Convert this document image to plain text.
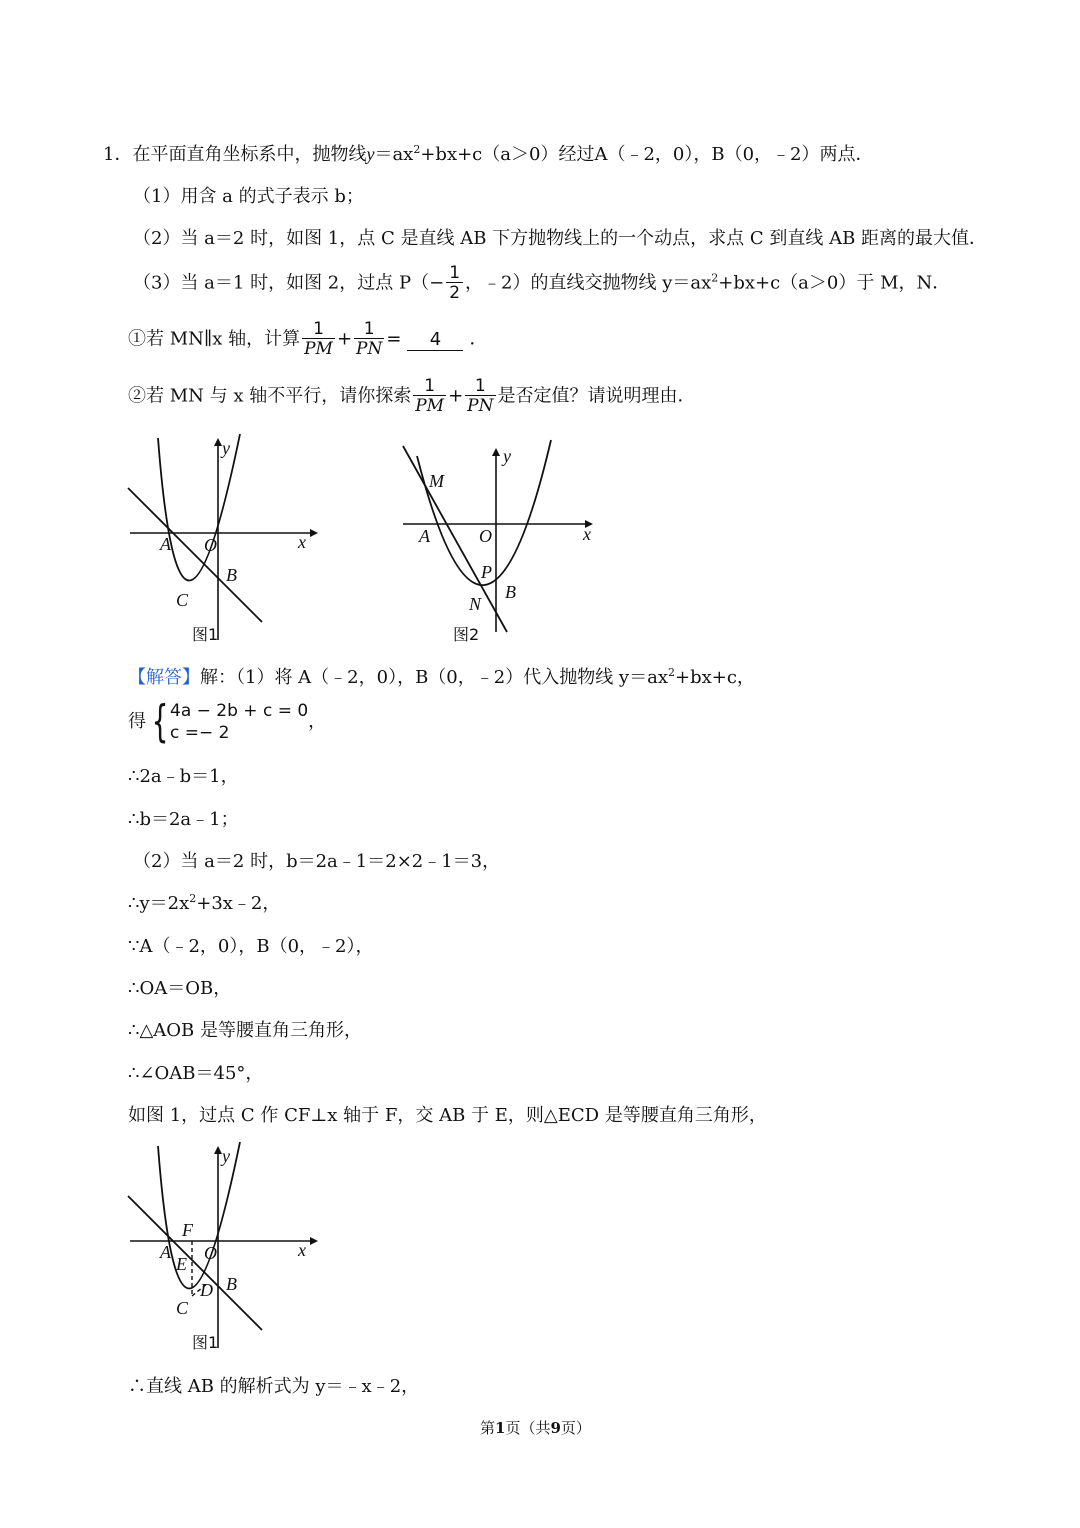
1．在平面直角坐标系中，抛物线$y=ax^2+bx+c(a>0)$经过A（﹣2，0），B（0，﹣2）两点．
（1）用含 a 的式子表示 b；
（2）当 a＝2 时，如图 1，点 C 是直线 AB 下方抛物线上的一个动点，求点 C 到直线 AB 距离的最大值．
（3）当 a＝1 时，如图 2，过点 $P(- \frac{1}{2}$ ，﹣2）的直线交抛物线 $y=ax^2+bx+c(a>0)$于 M，N．
①若 MN∥x 轴，计算 $\frac{1}{PM} + \frac{1}{PN} = 4$ ．
②若 MN 与 x 轴不平行，请你探索 $\frac{1}{PM} + \frac{1}{PN}$ 是否定值？请说明理由．
y
x
A O
B
C
图1
y
x
M
A	O
P
B
N
图2
【解答】解：（1）将 A（﹣2，0），B（0，﹣2）代入抛物线 $y=ax^2+bx+c$，
得 { 4a − 2b + c = 0
c =− 2
，
∴2a﹣b＝1，
∴b＝2a﹣1；
（2）当 a＝2 时，b＝2a﹣1＝2×2﹣1＝3，
$\therefore y=2x^2+3x﹣2$，
∵A（﹣2，0），B（0，﹣2），
∴OA＝OB，
∴△AOB 是等腰直角三角形，
∴∠OAB＝45°，
如图 1，过点 C 作 CF⊥x 轴于 F，交 AB 于 E，则△ECD 是等腰直角三角形，
y
x
F
A O
E
D B
C
图1
∴直线 AB 的解析式为 y＝﹣x﹣2，
第1页（共9页）
